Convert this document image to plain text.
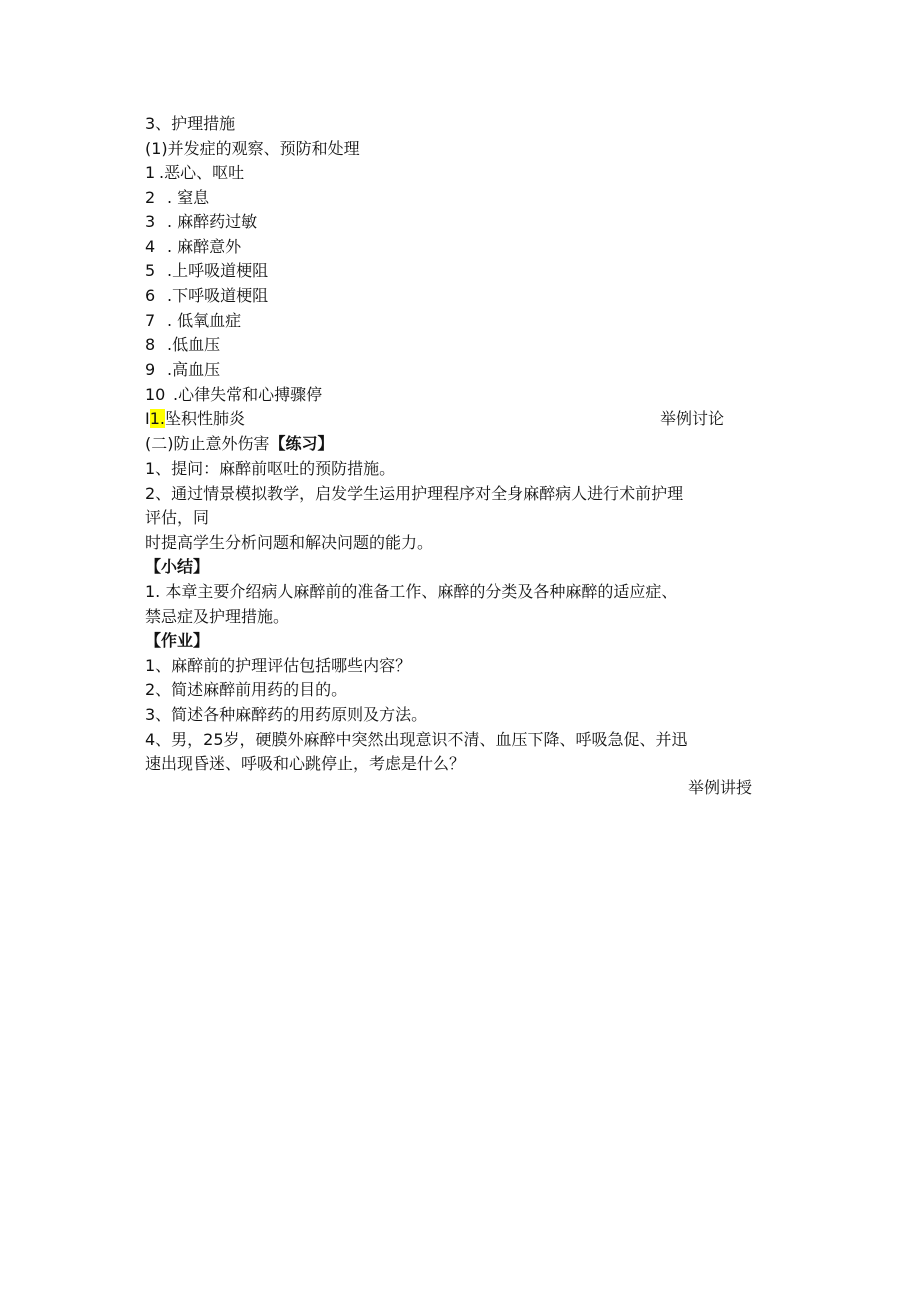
3、护理措施
(1)并发症的观察、预防和处理
1 .恶心、呕吐
2 . 窒息
3 . 麻醉药过敏
4 . 麻醉意外
5 .上呼吸道梗阻
6 .下呼吸道梗阻
7 . 低氧血症
8 .低血压
9 .高血压
10 .心律失常和心搏骤停
I1.坠积性肺炎	举例讨论
(二)防止意外伤害【练习】
1、提问：麻醉前呕吐的预防措施。
2、通过情景模拟教学，启发学生运用护理程序对全身麻醉病人进行术前护理
评估，同
时提高学生分析问题和解决问题的能力。
【小结】
1. 本章主要介绍病人麻醉前的准备工作、麻醉的分类及各种麻醉的适应症、
禁忌症及护理措施。
【作业】
1、麻醉前的护理评估包括哪些内容？
2、简述麻醉前用药的目的。
3、简述各种麻醉药的用药原则及方法。
4、男，25岁，硬膜外麻醉中突然出现意识不清、血压下降、呼吸急促、并迅
速出现昏迷、呼吸和心跳停止，考虑是什么？
举例讲授
